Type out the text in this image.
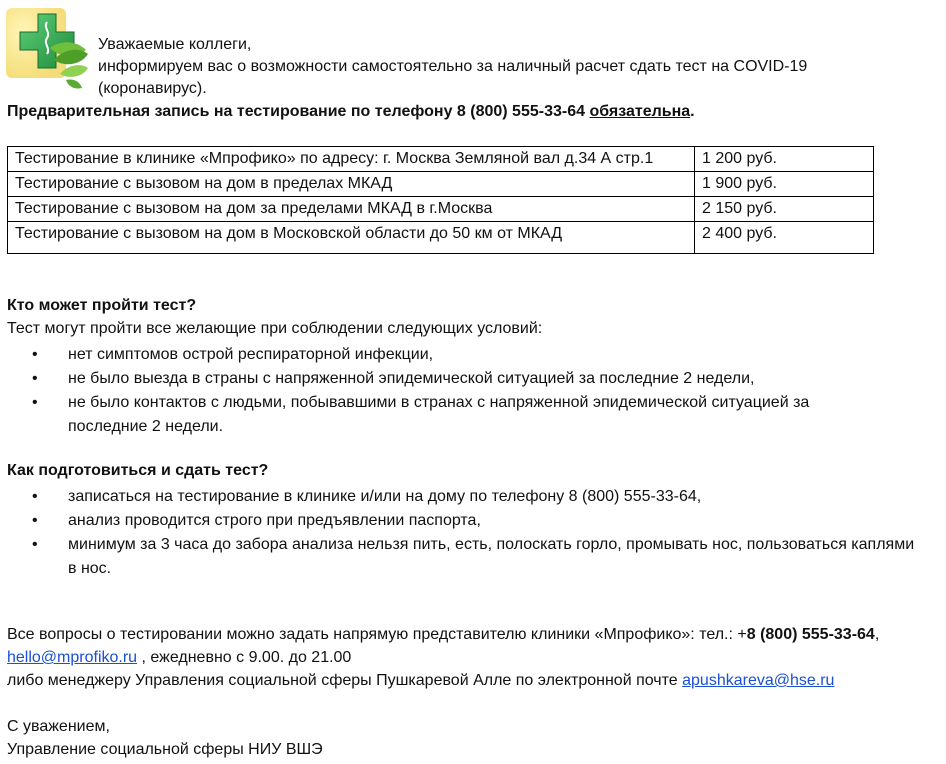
Уважаемые коллеги,
информируем вас о возможности самостоятельно за наличный расчет сдать тест на COVID-19
(коронавирус).
Предварительная запись на тестирование по телефону 8 (800) 555-33-64 обязательна.
Тестирование в клинике «Мпрофико» по адресу: г. Москва Земляной вал д.34 А стр.1	1 200 руб.
Тестирование с вызовом на дом в пределах МКАД	1 900 руб.
Тестирование с вызовом на дом за пределами МКАД в г.Москва	2 150 руб.
Тестирование с вызовом на дом в Московской области до 50 км от МКАД	2 400 руб.
Кто может пройти тест?
Тест могут пройти все желающие при соблюдении следующих условий:
• нет симптомов острой респираторной инфекции,
• не было выезда в страны с напряженной эпидемической ситуацией за последние 2 недели,
• не было контактов с людьми, побывавшими в странах с напряженной эпидемической ситуацией за последние 2 недели.
Как подготовиться и сдать тест?
• записаться на тестирование в клинике и/или на дому по телефону 8 (800) 555-33-64,
• анализ проводится строго при предъявлении паспорта,
• минимум за 3 часа до забора анализа нельзя пить, есть, полоскать горло, промывать нос, пользоваться каплями в нос.
Все вопросы о тестировании можно задать напрямую представителю клиники «Мпрофико»: тел.: +8 (800) 555-33-64,
hello@mprofiko.ru , ежедневно с 9.00. до 21.00
либо менеджеру Управления социальной сферы Пушкаревой Алле по электронной почте apushkareva@hse.ru
С уважением,
Управление социальной сферы НИУ ВШЭ
